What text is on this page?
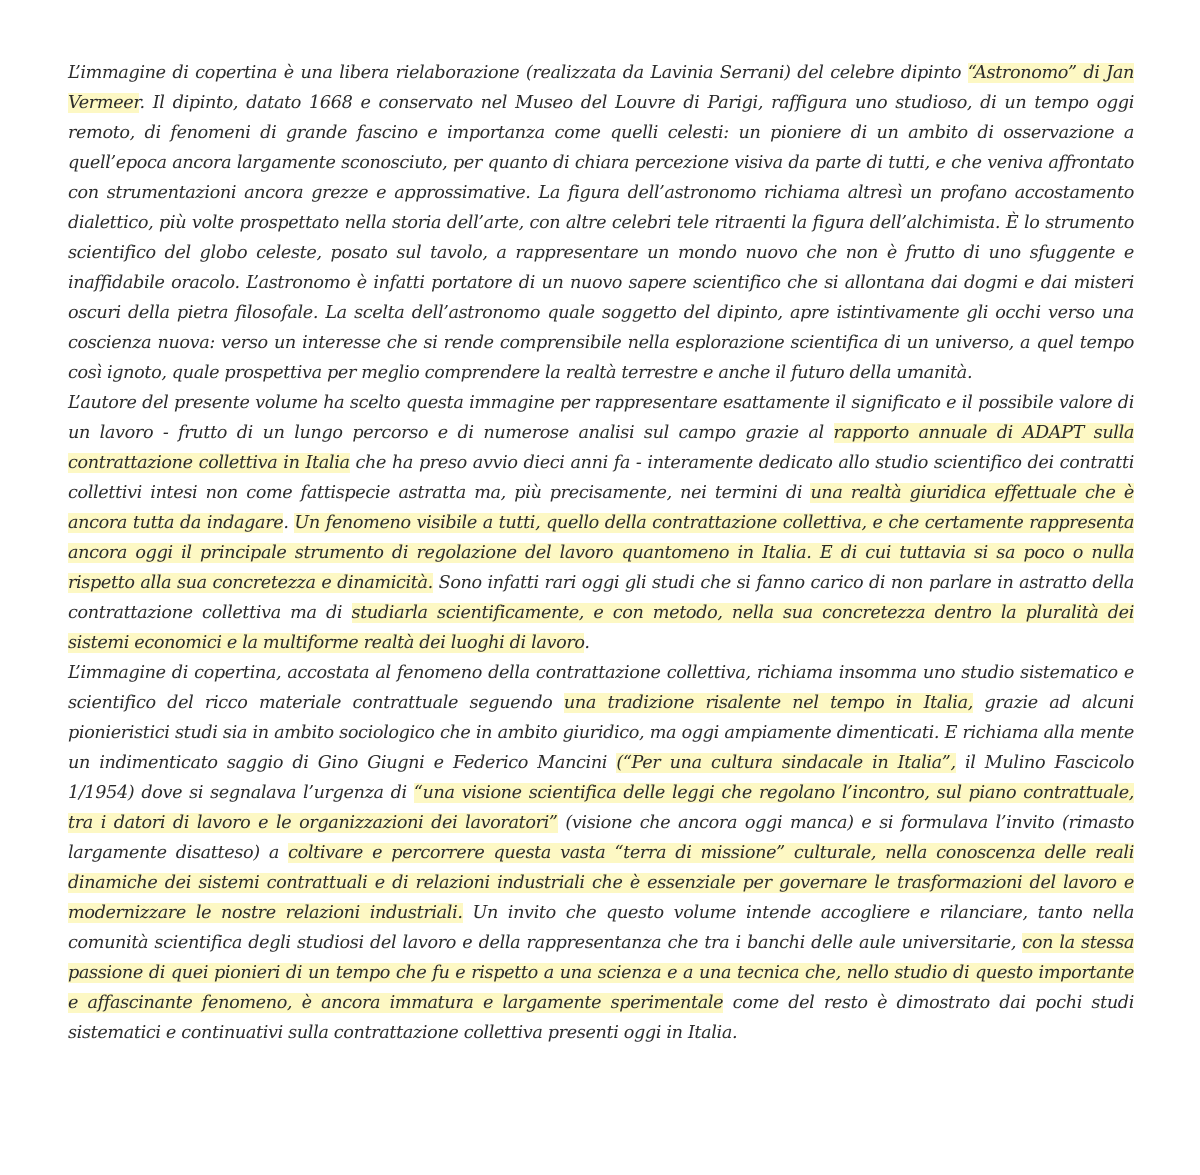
L’immagine di copertina è una libera rielaborazione (realizzata da Lavinia Serrani) del celebre dipinto “Astronomo” di Jan Vermeer. Il dipinto, datato 1668 e conservato nel Museo del Louvre di Parigi, raffigura uno studioso, di un tempo oggi remoto, di fenomeni di grande fascino e importanza come quelli celesti: un pioniere di un ambito di osservazione a quell’epoca ancora largamente sconosciuto, per quanto di chiara percezione visiva da parte di tutti, e che veniva affrontato con strumentazioni ancora grezze e approssimative. La figura dell’astronomo richiama altresì un profano accostamento dialettico, più volte prospettato nella storia dell’arte, con altre celebri tele ritraenti la figura dell’alchimista. È lo strumento scientifico del globo celeste, posato sul tavolo, a rappresentare un mondo nuovo che non è frutto di uno sfuggente e inaffidabile oracolo. L’astronomo è infatti portatore di un nuovo sapere scientifico che si allontana dai dogmi e dai misteri oscuri della pietra filosofale. La scelta dell’astronomo quale soggetto del dipinto, apre istintivamente gli occhi verso una coscienza nuova: verso un interesse che si rende comprensibile nella esplorazione scientifica di un universo, a quel tempo così ignoto, quale prospettiva per meglio comprendere la realtà terrestre e anche il futuro della umanità.

L’autore del presente volume ha scelto questa immagine per rappresentare esattamente il significato e il possibile valore di un lavoro - frutto di un lungo percorso e di numerose analisi sul campo grazie al rapporto annuale di ADAPT sulla contrattazione collettiva in Italia che ha preso avvio dieci anni fa - interamente dedicato allo studio scientifico dei contratti collettivi intesi non come fattispecie astratta ma, più precisamente, nei termini di una realtà giuridica effettuale che è ancora tutta da indagare. Un fenomeno visibile a tutti, quello della contrattazione collettiva, e che certamente rappresenta ancora oggi il principale strumento di regolazione del lavoro quantomeno in Italia. E di cui tuttavia si sa poco o nulla rispetto alla sua concretezza e dinamicità. Sono infatti rari oggi gli studi che si fanno carico di non parlare in astratto della contrattazione collettiva ma di studiarla scientificamente, e con metodo, nella sua concretezza dentro la pluralità dei sistemi economici e la multiforme realtà dei luoghi di lavoro.

L’immagine di copertina, accostata al fenomeno della contrattazione collettiva, richiama insomma uno studio sistematico e scientifico del ricco materiale contrattuale seguendo una tradizione risalente nel tempo in Italia, grazie ad alcuni pionieristici studi sia in ambito sociologico che in ambito giuridico, ma oggi ampiamente dimenticati. E richiama alla mente un indimenticato saggio di Gino Giugni e Federico Mancini (“Per una cultura sindacale in Italia”, il Mulino Fascicolo 1/1954) dove si segnalava l’urgenza di “una visione scientifica delle leggi che regolano l’incontro, sul piano contrattuale, tra i datori di lavoro e le organizzazioni dei lavoratori” (visione che ancora oggi manca) e si formulava l’invito (rimasto largamente disatteso) a coltivare e percorrere questa vasta “terra di missione” culturale, nella conoscenza delle reali dinamiche dei sistemi contrattuali e di relazioni industriali che è essenziale per governare le trasformazioni del lavoro e modernizzare le nostre relazioni industriali. Un invito che questo volume intende accogliere e rilanciare, tanto nella comunità scientifica degli studiosi del lavoro e della rappresentanza che tra i banchi delle aule universitarie, con la stessa passione di quei pionieri di un tempo che fu e rispetto a una scienza e a una tecnica che, nello studio di questo importante e affascinante fenomeno, è ancora immatura e largamente sperimentale come del resto è dimostrato dai pochi studi sistematici e continuativi sulla contrattazione collettiva presenti oggi in Italia.
